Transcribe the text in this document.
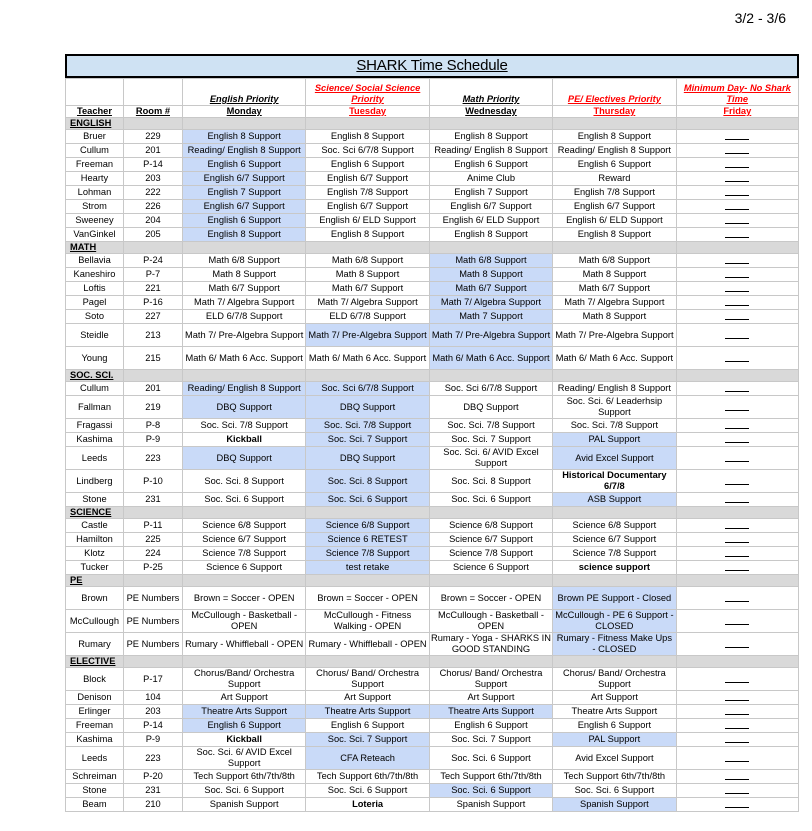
3/2 - 3/6
SHARK Time Schedule
		English Priority	Science/ Social Science Priority	Math Priority	PE/ Electives Priority	Minimum Day- No Shark Time
Teacher	Room #	Monday	Tuesday	Wednesday	Thursday	Friday
ENGLISH						
Bruer	229	English 8 Support	English 8 Support	English 8 Support	English 8 Support	
Cullum	201	Reading/ English 8 Support	Soc. Sci 6/7/8 Support	Reading/ English 8 Support	Reading/ English 8 Support	
Freeman	P-14	English 6 Support	English 6 Support	English 6 Support	English 6 Support	
Hearty	203	English 6/7 Support	English 6/7 Support	Anime Club	Reward	
Lohman	222	English 7 Support	English 7/8 Support	English 7 Support	English 7/8 Support	
Strom	226	English 6/7 Support	English 6/7 Support	English 6/7 Support	English 6/7 Support	
Sweeney	204	English 6 Support	English 6/ ELD Support	English 6/ ELD Support	English 6/ ELD Support	
VanGinkel	205	English 8 Support	English 8 Support	English 8 Support	English 8 Support	
MATH						
Bellavia	P-24	Math 6/8 Support	Math 6/8 Support	Math 6/8 Support	Math 6/8 Support	
Kaneshiro	P-7	Math 8 Support	Math 8 Support	Math 8 Support	Math 8 Support	
Loftis	221	Math 6/7 Support	Math 6/7 Support	Math 6/7 Support	Math 6/7 Support	
Pagel	P-16	Math 7/ Algebra Support	Math 7/ Algebra Support	Math 7/ Algebra Support	Math 7/ Algebra Support	
Soto	227	ELD 6/7/8 Support	ELD 6/7/8 Support	Math 7 Support	Math 8 Support	
Steidle	213	Math 7/ Pre-Algebra Support	Math 7/ Pre-Algebra Support	Math 7/ Pre-Algebra Support	Math 7/ Pre-Algebra Support	
Young	215	Math 6/ Math 6 Acc. Support	Math 6/ Math 6 Acc. Support	Math 6/ Math 6 Acc. Support	Math 6/ Math 6 Acc. Support	
SOC. SCI.						
Cullum	201	Reading/ English 8 Support	Soc. Sci 6/7/8 Support	Soc. Sci 6/7/8 Support	Reading/ English 8 Support	
Fallman	219	DBQ Support	DBQ Support	DBQ Support	Soc. Sci. 6/ Leaderhsip Support	
Fragassi	P-8	Soc. Sci. 7/8 Support	Soc. Sci. 7/8 Support	Soc. Sci. 7/8 Support	Soc. Sci. 7/8 Support	
Kashima	P-9	Kickball	Soc. Sci. 7 Support	Soc. Sci. 7 Support	PAL Support	
Leeds	223	DBQ Support	DBQ Support	Soc. Sci. 6/ AVID Excel Support	Avid Excel Support	
Lindberg	P-10	Soc. Sci. 8 Support	Soc. Sci. 8 Support	Soc. Sci. 8 Support	Historical Documentary 6/7/8	
Stone	231	Soc. Sci. 6 Support	Soc. Sci. 6 Support	Soc. Sci. 6 Support	ASB Support	
SCIENCE						
Castle	P-11	Science 6/8 Support	Science 6/8 Support	Science 6/8 Support	Science 6/8 Support	
Hamilton	225	Science 6/7 Support	Science 6 RETEST	Science 6/7 Support	Science 6/7 Support	
Klotz	224	Science 7/8 Support	Science 7/8 Support	Science 7/8 Support	Science 7/8 Support	
Tucker	P-25	Science 6 Support	test retake	Science 6 Support	science support	
PE						
Brown	PE Numbers	Brown = Soccer - OPEN	Brown = Soccer - OPEN	Brown = Soccer - OPEN	Brown PE Support - Closed	
McCullough	PE Numbers	McCullough - Basketball - OPEN	McCullough - Fitness Walking - OPEN	McCullough - Basketball - OPEN	McCullough - PE 6 Support - CLOSED	
Rumary	PE Numbers	Rumary - Whiffleball - OPEN	Rumary - Whiffleball - OPEN	Rumary - Yoga - SHARKS IN GOOD STANDING	Rumary - Fitness Make Ups - CLOSED	
ELECTIVE						
Block	P-17	Chorus/Band/ Orchestra Support	Chorus/ Band/ Orchestra Support	Chorus/ Band/ Orchestra Support	Chorus/ Band/ Orchestra Support	
Denison	104	Art Support	Art Support	Art Support	Art Support	
Erlinger	203	Theatre Arts Support	Theatre Arts Support	Theatre Arts Support	Theatre Arts Support	
Freeman	P-14	English 6 Support	English 6 Support	English 6 Support	English 6 Support	
Kashima	P-9	Kickball	Soc. Sci. 7 Support	Soc. Sci. 7 Support	PAL Support	
Leeds	223	Soc. Sci. 6/ AVID Excel Support	CFA Reteach	Soc. Sci. 6 Support	Avid Excel Support	
Schreiman	P-20	Tech Support 6th/7th/8th	Tech Support 6th/7th/8th	Tech Support 6th/7th/8th	Tech Support 6th/7th/8th	
Stone	231	Soc. Sci. 6 Support	Soc. Sci. 6 Support	Soc. Sci. 6 Support	Soc. Sci. 6 Support	
Beam	210	Spanish Support	Loteria	Spanish Support	Spanish Support	
